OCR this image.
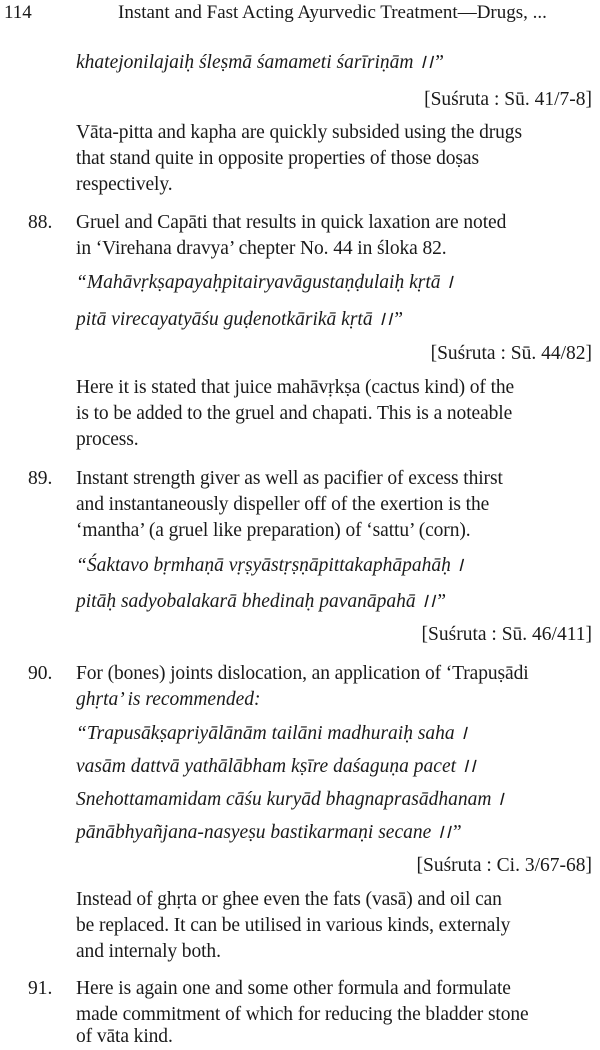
114	Instant and Fast Acting Ayurvedic Treatment—Drugs, ...
khatejonilajaiḥ śleṣmā śamameti śarīriṇām ।।”
[Suśruta : Sū. 41/7-8]
Vāta-pitta and kapha are quickly subsided using the drugs
that stand quite in opposite properties of those doṣas
respectively.
88. Gruel and Capāti that results in quick laxation are noted
in ‘Virehana dravya’ chepter No. 44 in śloka 82.
“Mahāvṛkṣapayaḥpitairyavāgustaṇḍulaiḥ kṛtā ।
pitā virecayatyāśu guḍenotkārikā kṛtā ।।”
[Suśruta : Sū. 44/82]
Here it is stated that juice mahāvṛkṣa (cactus kind) of the
is to be added to the gruel and chapati. This is a noteable
process.
89. Instant strength giver as well as pacifier of excess thirst
and instantaneously dispeller off of the exertion is the
‘mantha’ (a gruel like preparation) of ‘sattu’ (corn).
“Śaktavo bṛmhaṇā vṛṣyāstṛṣṇāpittakaphāpahāḥ ।
pitāḥ sadyobalakarā bhedinaḥ pavanāpahā ।।”
[Suśruta : Sū. 46/411]
90. For (bones) joints dislocation, an application of ‘Trapuṣādi
ghṛta’ is recommended:
“Trapusākṣapriyālānām tailāni madhuraiḥ saha ।
vasām dattvā yathālābham kṣīre daśaguṇa pacet ।।
Snehottamamidam cāśu kuryād bhagnaprasādhanam ।
pānābhyañjana-nasyeṣu bastikarmaṇi secane ।।”
[Suśruta : Ci. 3/67-68]
Instead of ghṛta or ghee even the fats (vasā) and oil can
be replaced. It can be utilised in various kinds, externaly
and internaly both.
91. Here is again one and some other formula and formulate
made commitment of which for reducing the bladder stone
of vāta kind.
